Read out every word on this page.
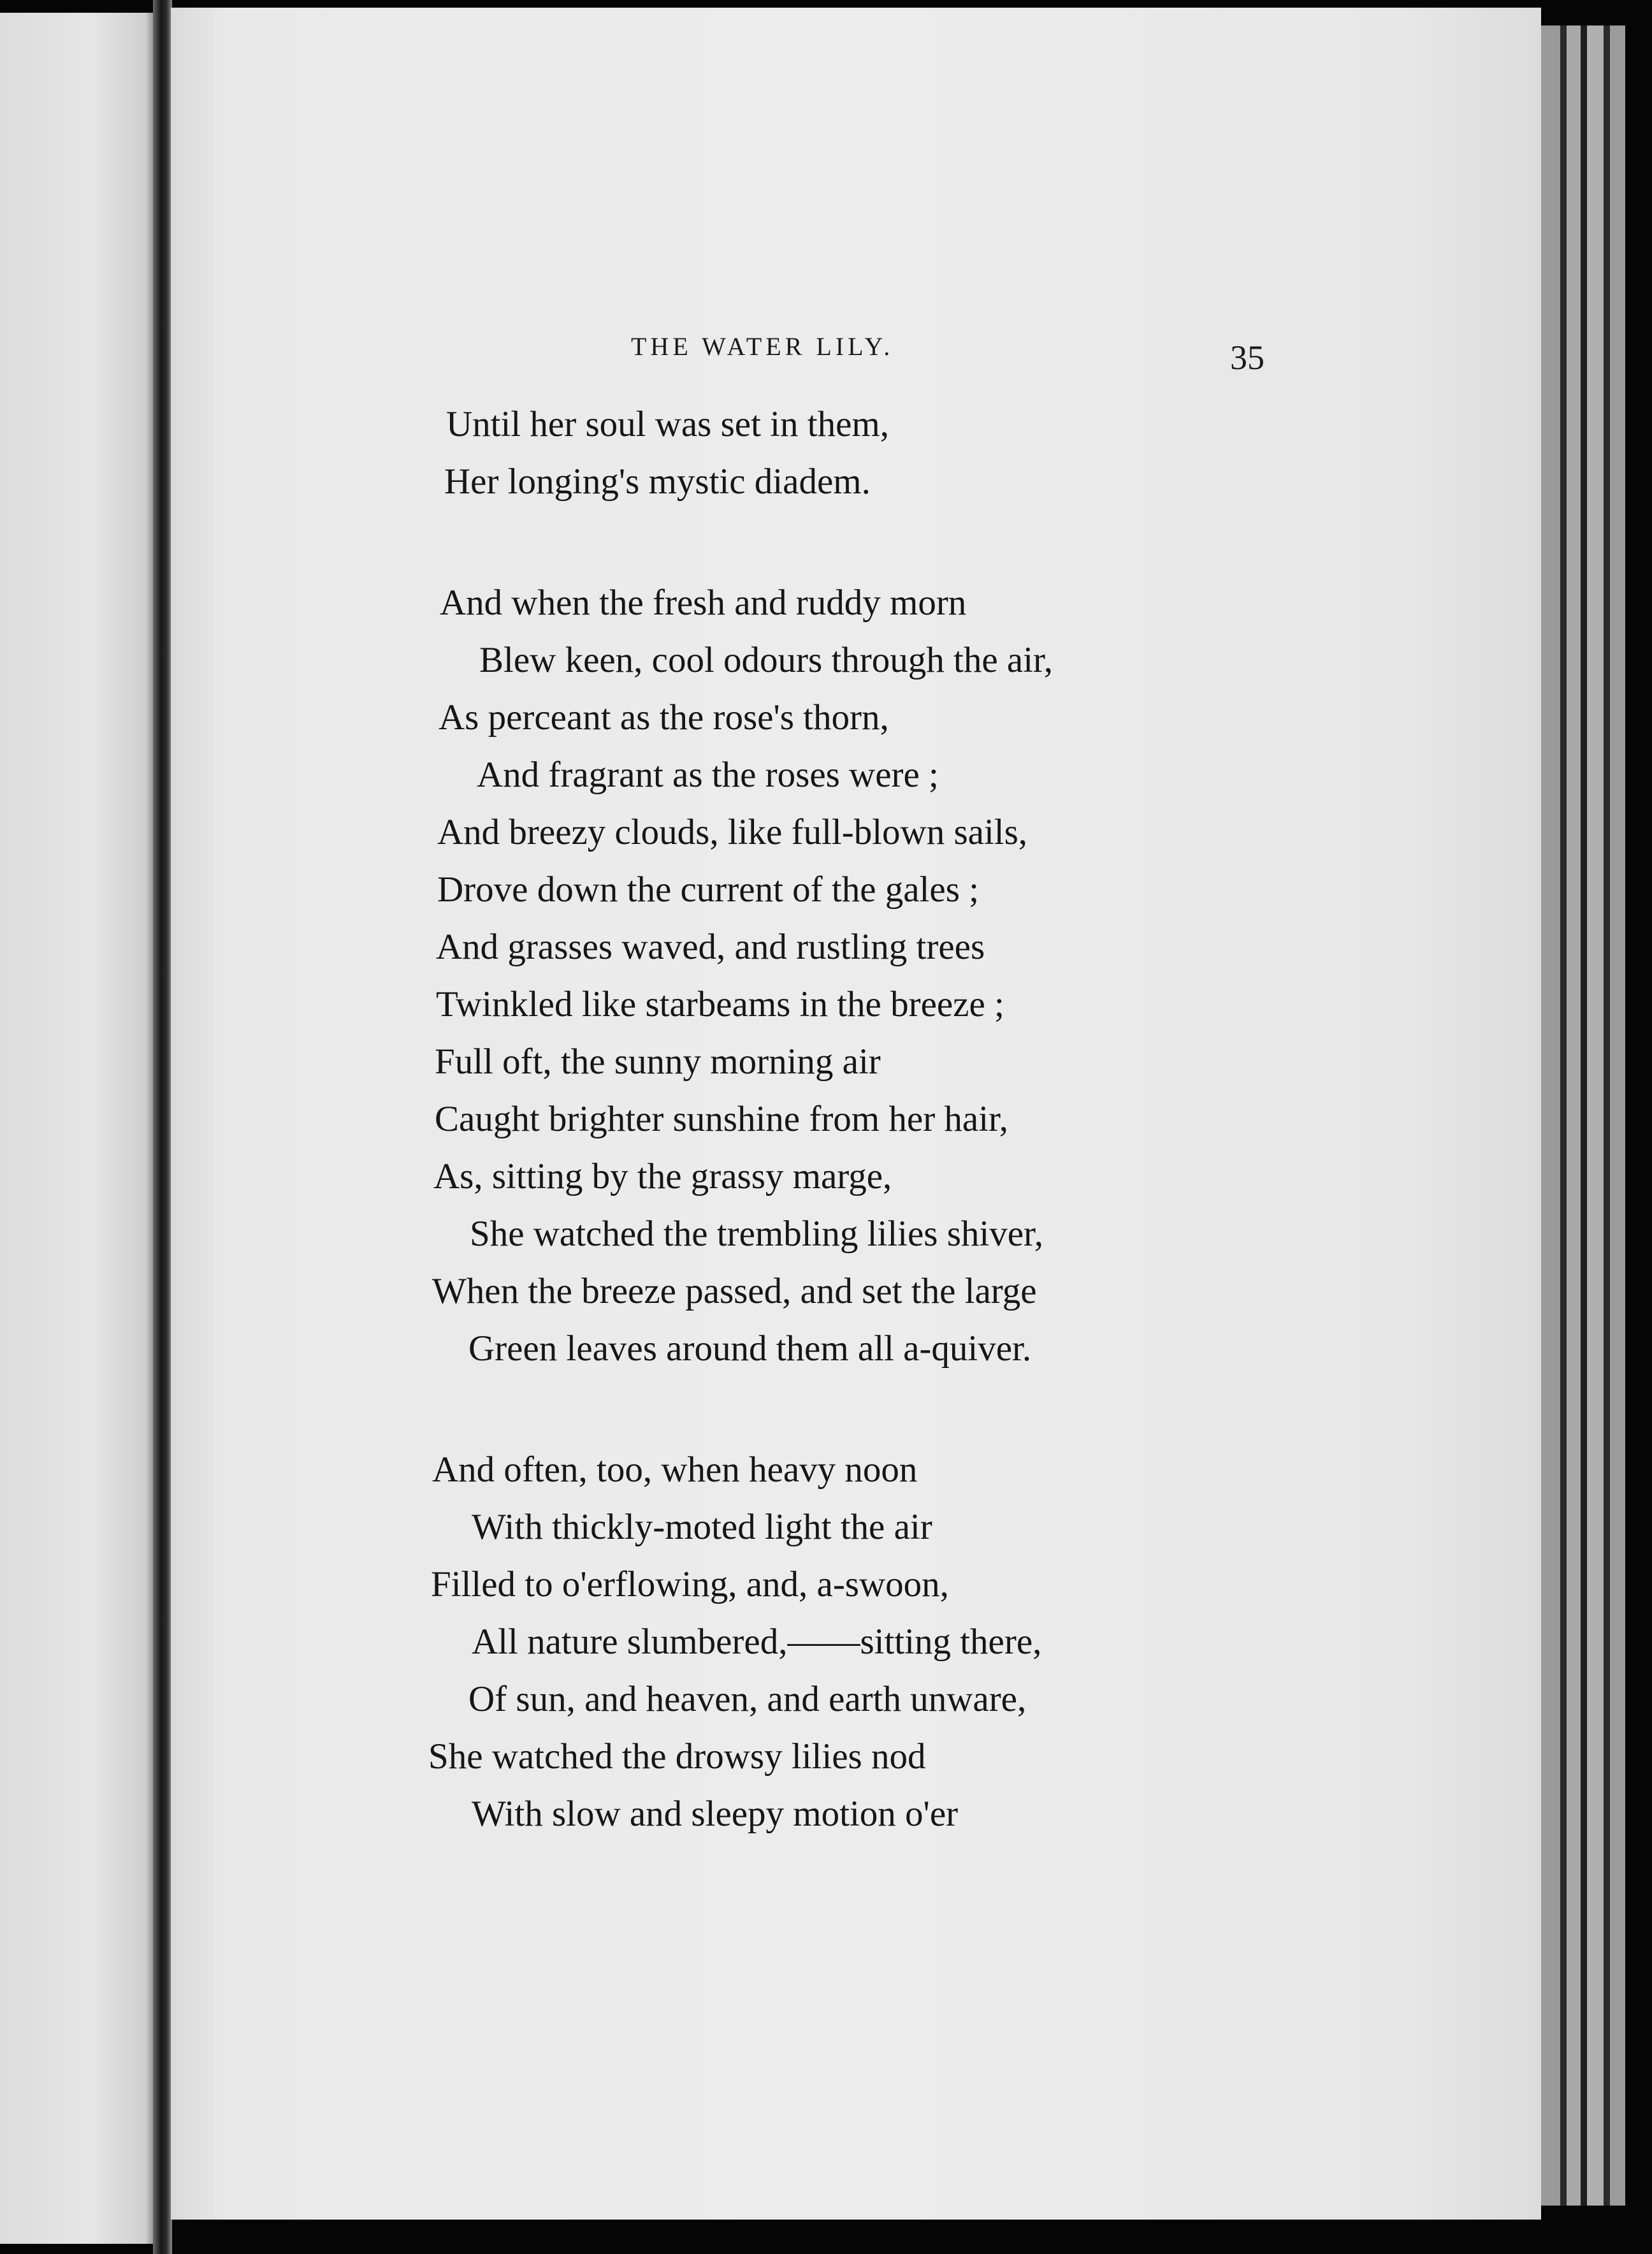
THE WATER LILY.	35
Until her soul was set in them,
Her longing's mystic diadem.
And when the fresh and ruddy morn
Blew keen, cool odours through the air,
As perceant as the rose's thorn,
And fragrant as the roses were ;
And breezy clouds, like full-blown sails,
Drove down the current of the gales ;
And grasses waved, and rustling trees
Twinkled like starbeams in the breeze ;
Full oft, the sunny morning air
Caught brighter sunshine from her hair,
As, sitting by the grassy marge,
She watched the trembling lilies shiver,
When the breeze passed, and set the large
Green leaves around them all a-quiver.
And often, too, when heavy noon
With thickly-moted light the air
Filled to o'erflowing, and, a-swoon,
All nature slumbered,——sitting there,
Of sun, and heaven, and earth unware,
She watched the drowsy lilies nod
With slow and sleepy motion o'er
